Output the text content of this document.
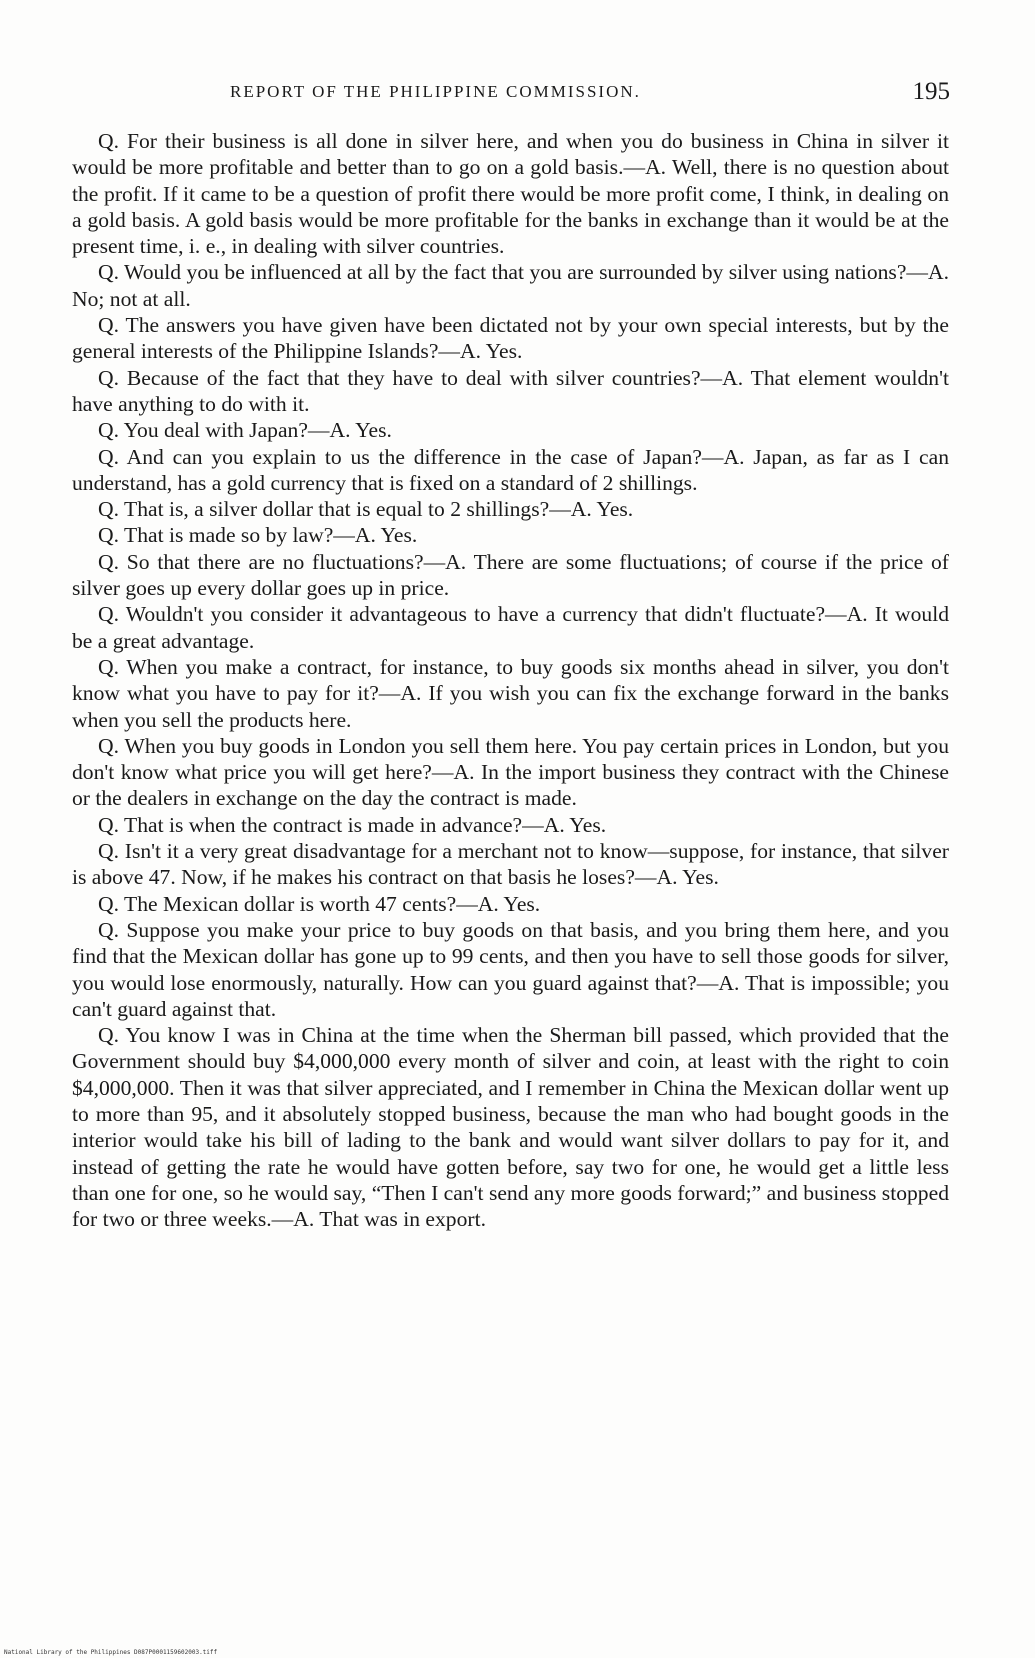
REPORT OF THE PHILIPPINE COMMISSION.	195

Q. For their business is all done in silver here, and when you do business in China in silver it would be more profitable and better than to go on a gold basis.—A. Well, there is no question about the profit. If it came to be a question of profit there would be more profit come, I think, in dealing on a gold basis. A gold basis would be more profitable for the banks in exchange than it would be at the present time, i. e., in dealing with silver countries.

Q. Would you be influenced at all by the fact that you are surrounded by silver using nations?—A. No; not at all.

Q. The answers you have given have been dictated not by your own special interests, but by the general interests of the Philippine Islands?—A. Yes.

Q. Because of the fact that they have to deal with silver countries?—A. That element wouldn't have anything to do with it.

Q. You deal with Japan?—A. Yes.

Q. And can you explain to us the difference in the case of Japan?—A. Japan, as far as I can understand, has a gold currency that is fixed on a standard of 2 shillings.

Q. That is, a silver dollar that is equal to 2 shillings?—A. Yes.

Q. That is made so by law?—A. Yes.

Q. So that there are no fluctuations?—A. There are some fluctuations; of course if the price of silver goes up every dollar goes up in price.

Q. Wouldn't you consider it advantageous to have a currency that didn't fluctuate?—A. It would be a great advantage.

Q. When you make a contract, for instance, to buy goods six months ahead in silver, you don't know what you have to pay for it?—A. If you wish you can fix the exchange forward in the banks when you sell the products here.

Q. When you buy goods in London you sell them here. You pay certain prices in London, but you don't know what price you will get here?—A. In the import business they contract with the Chinese or the dealers in exchange on the day the contract is made.

Q. That is when the contract is made in advance?—A. Yes.

Q. Isn't it a very great disadvantage for a merchant not to know—suppose, for instance, that silver is above 47. Now, if he makes his contract on that basis he loses?—A. Yes.

Q. The Mexican dollar is worth 47 cents?—A. Yes.

Q. Suppose you make your price to buy goods on that basis, and you bring them here, and you find that the Mexican dollar has gone up to 99 cents, and then you have to sell those goods for silver, you would lose enormously, naturally. How can you guard against that?—A. That is impossible; you can't guard against that.

Q. You know I was in China at the time when the Sherman bill passed, which provided that the Government should buy $4,000,000 every month of silver and coin, at least with the right to coin $4,000,000. Then it was that silver appreciated, and I remember in China the Mexican dollar went up to more than 95, and it absolutely stopped business, because the man who had bought goods in the interior would take his bill of lading to the bank and would want silver dollars to pay for it, and instead of getting the rate he would have gotten before, say two for one, he would get a little less than one for one, so he would say, “Then I can't send any more goods forward;” and business stopped for two or three weeks.—A. That was in export.

National Library of the Philippines D087P0001159602003.tiff
